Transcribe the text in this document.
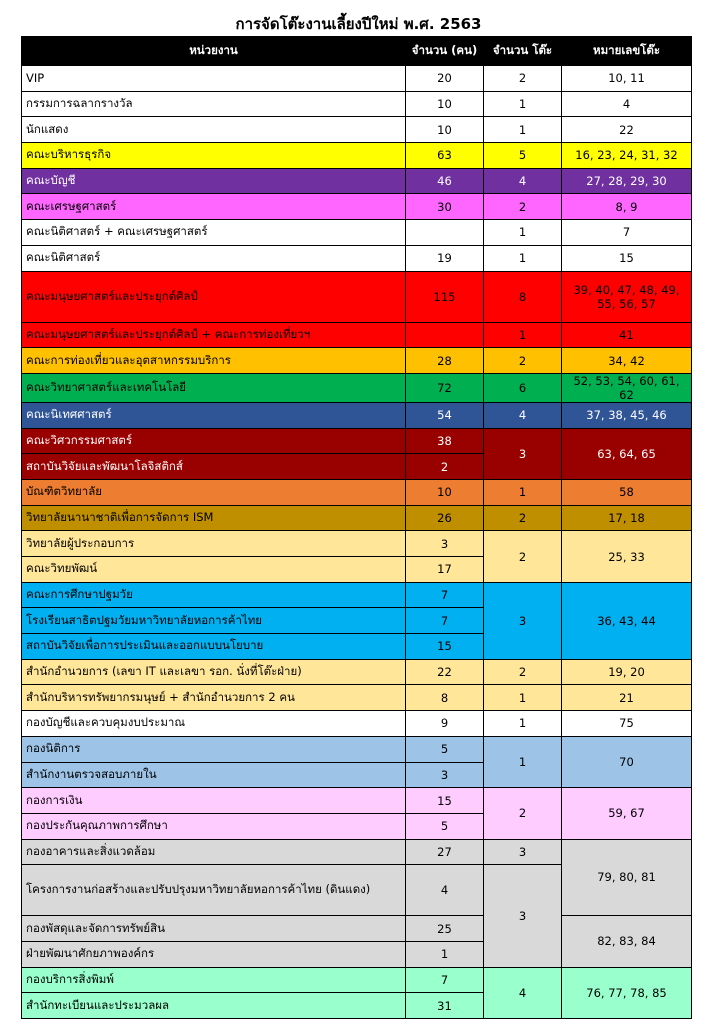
การจัดโต๊ะงานเลี้ยงปีใหม่ พ.ศ. 2563
หน่วยงาน	จำนวน (คน)	จำนวน โต๊ะ	หมายเลขโต๊ะ
VIP	20	2	10, 11
กรรมการฉลากรางวัล	10	1	4
นักแสดง	10	1	22
คณะบริหารธุรกิจ	63	5	16, 23, 24, 31, 32
คณะบัญชี	46	4	27, 28, 29, 30
คณะเศรษฐศาสตร์	30	2	8, 9
คณะนิติศาสตร์ + คณะเศรษฐศาสตร์		1	7
คณะนิติศาสตร์	19	1	15
คณะมนุษยศาสตร์และประยุกต์ศิลป์	115	8	39, 40, 47, 48, 49, 55, 56, 57
คณะมนุษยศาสตร์และประยุกต์ศิลป์ + คณะการท่องเที่ยวฯ		1	41
คณะการท่องเที่ยวและอุตสาหกรรมบริการ	28	2	34, 42
คณะวิทยาศาสตร์และเทคโนโลยี	72	6	52, 53, 54, 60, 61, 62
คณะนิเทศศาสตร์	54	4	37, 38, 45, 46
คณะวิศวกรรมศาสตร์	38	3	63, 64, 65
สถาบันวิจัยและพัฒนาโลจิสติกส์	2		
บัณฑิตวิทยาลัย	10	1	58
วิทยาลัยนานาชาติเพื่อการจัดการ ISM	26	2	17, 18
วิทยาลัยผู้ประกอบการ	3	2	25, 33
คณะวิทยพัฒน์	17		
คณะการศึกษาปฐมวัย	7	3	36, 43, 44
โรงเรียนสาธิตปฐมวัยมหาวิทยาลัยหอการค้าไทย	7		
สถาบันวิจัยเพื่อการประเมินและออกแบบนโยบาย	15		
สำนักอำนวยการ (เลขา IT และเลขา รอก. นั่งที่โต๊ะฝ่าย)	22	2	19, 20
สำนักบริหารทรัพยากรมนุษย์ + สำนักอำนวยการ 2 คน	8	1	21
กองบัญชีและควบคุมงบประมาณ	9	1	75
กองนิติการ	5	1	70
สำนักงานตรวจสอบภายใน	3		
กองการเงิน	15	2	59, 67
กองประกันคุณภาพการศึกษา	5		
กองอาคารและสิ่งแวดล้อม	27	3	79, 80, 81
โครงการงานก่อสร้างและปรับปรุงมหาวิทยาลัยหอการค้าไทย (ดินแดง)	4	3	
กองพัสดุและจัดการทรัพย์สิน	25		82, 83, 84
ฝ่ายพัฒนาศักยภาพองค์กร	1		
กองบริการสิ่งพิมพ์	7	4	76, 77, 78, 85
สำนักทะเบียนและประมวลผล	31		
